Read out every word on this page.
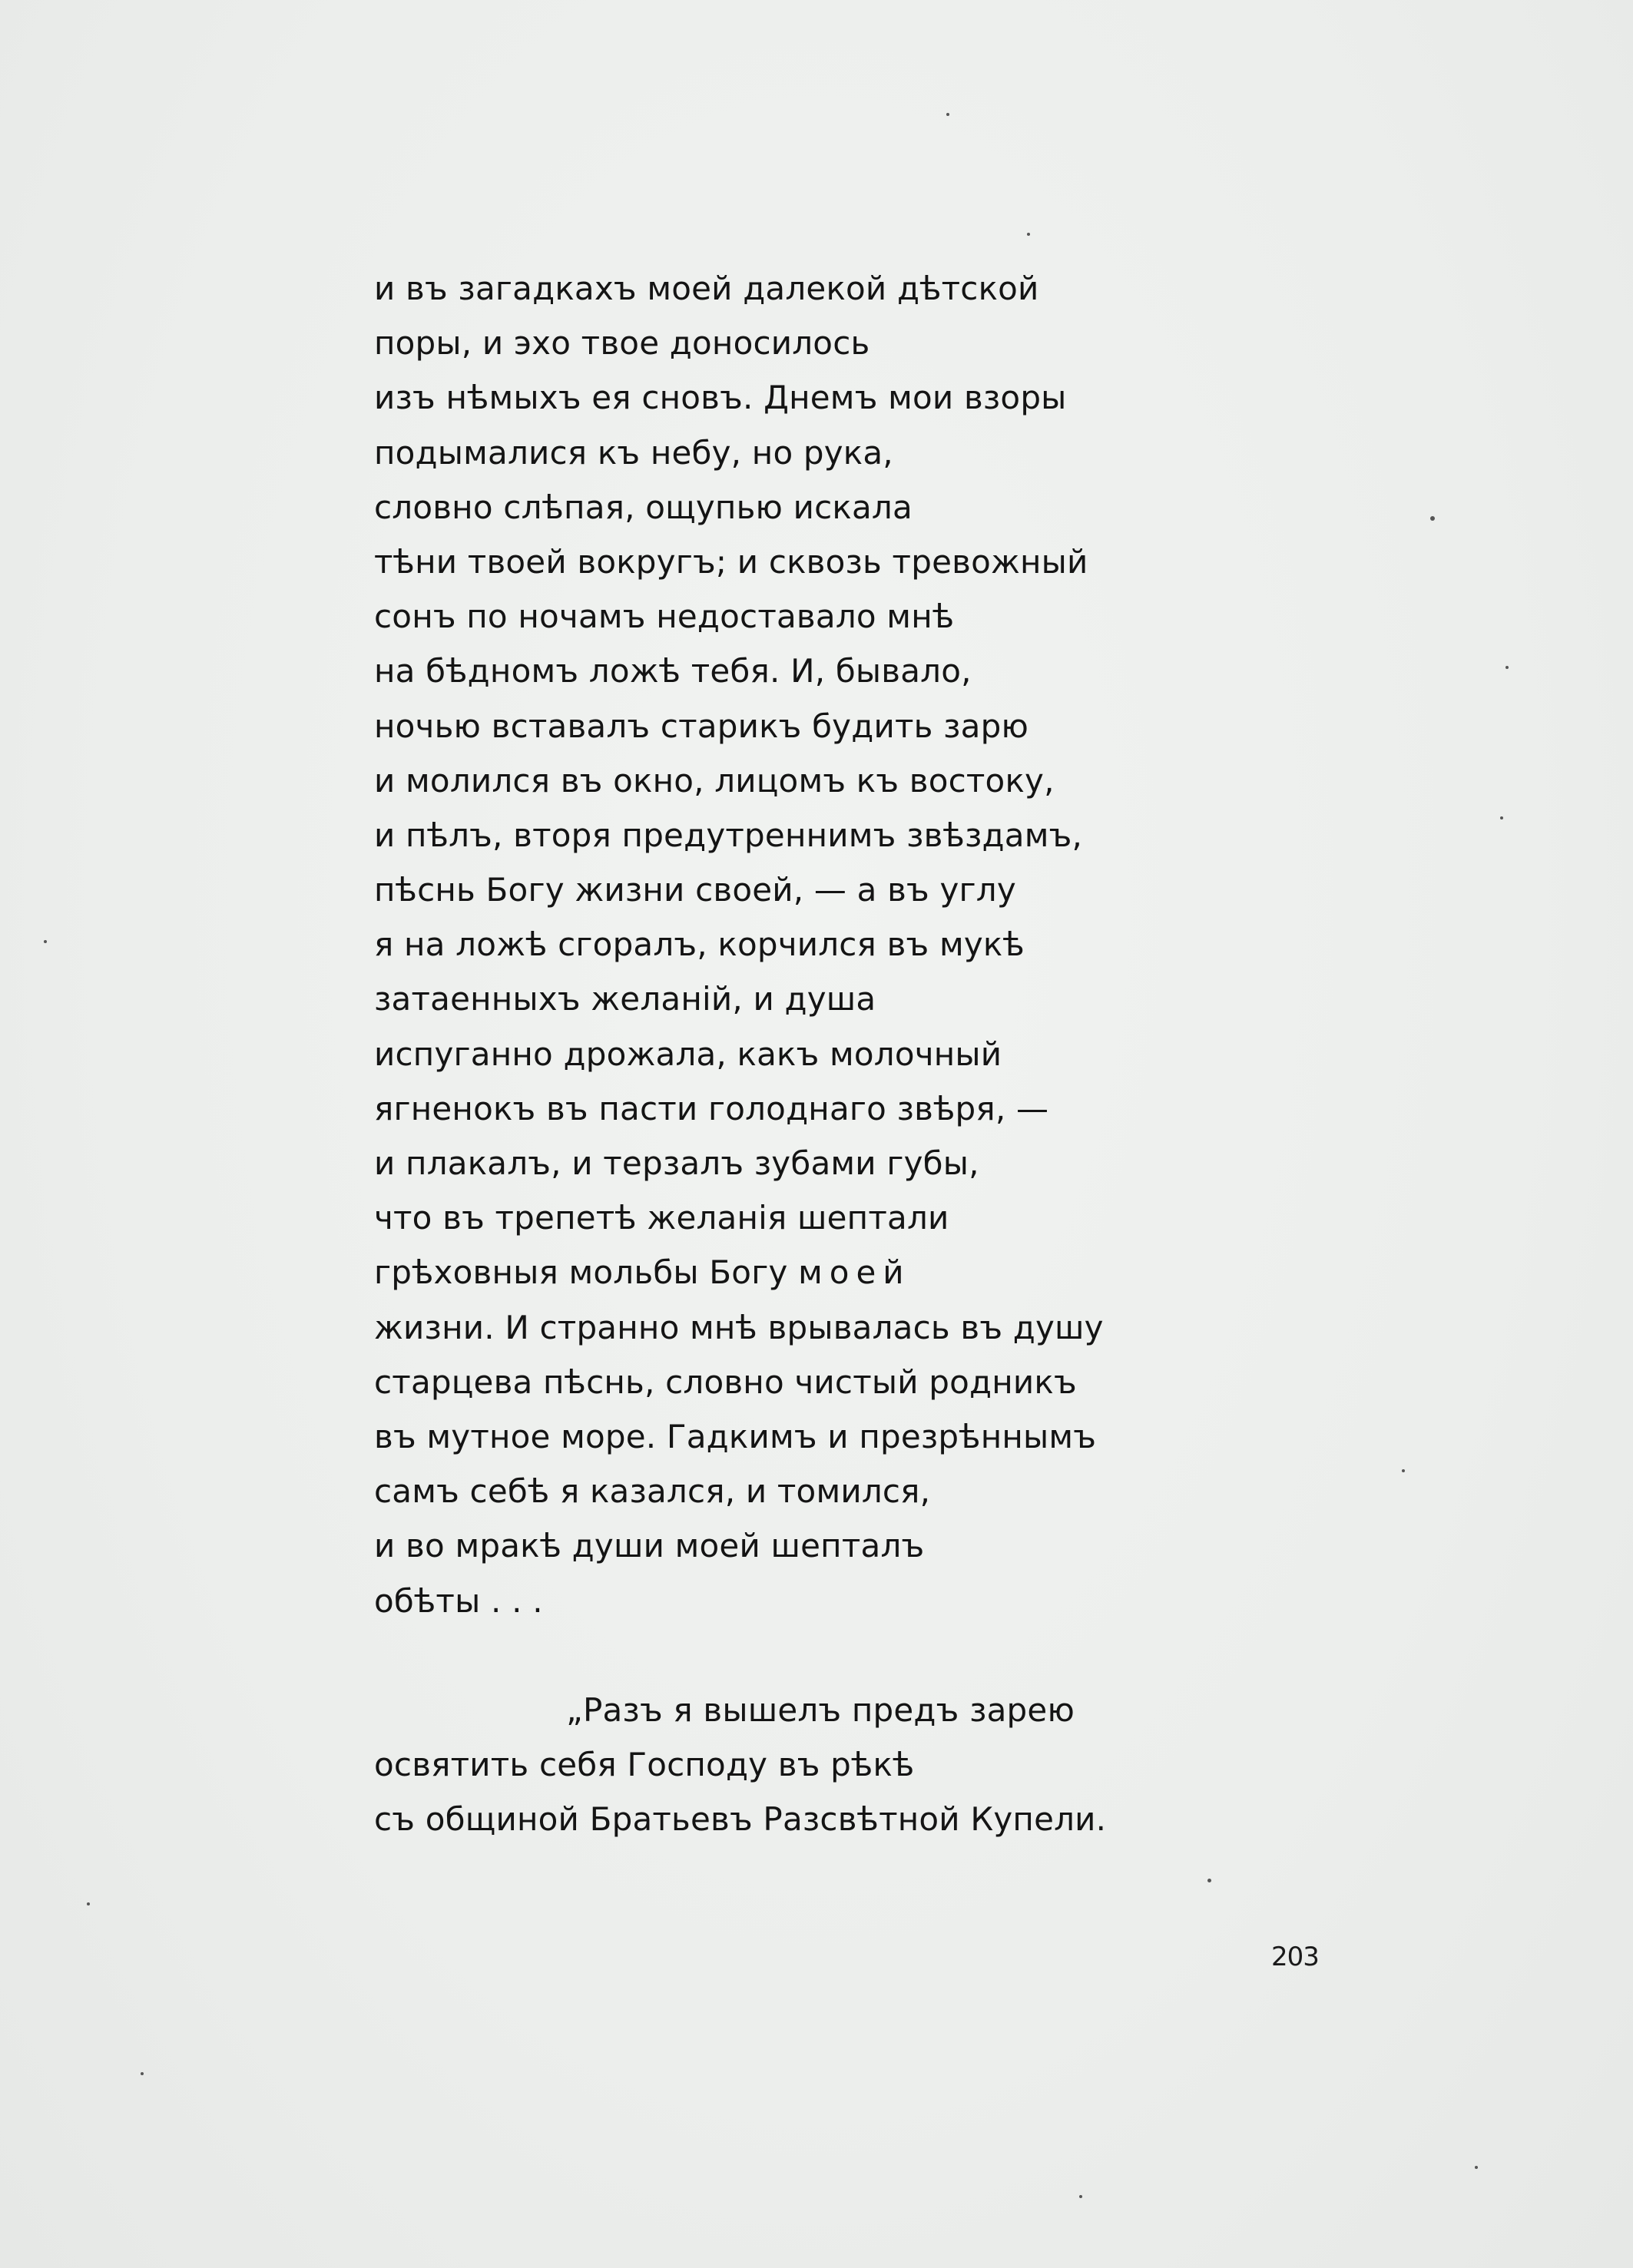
и въ загадкахъ моей далекой дѣтской
поры, и эхо твое доносилось
изъ нѣмыхъ ея сновъ. Днемъ мои взоры
подымалися къ небу, но рука,
словно слѣпая, ощупью искала
тѣни твоей вокругъ; и сквозь тревожный
сонъ по ночамъ недоставало мнѣ
на бѣдномъ ложѣ тебя. И, бывало,
ночью вставалъ старикъ будить зарю
и молился въ окно, лицомъ къ востоку,
и пѣлъ, вторя предутреннимъ звѣздамъ,
пѣснь Богу жизни своей, — а въ углу
я на ложѣ сгоралъ, корчился въ мукѣ
затаенныхъ желанiй, и душа
испуганно дрожала, какъ молочный
ягненокъ въ пасти голоднаго звѣря, —
и плакалъ, и терзалъ зубами губы,
что въ трепетѣ желанiя шептали
грѣховныя мольбы Богу моей
жизни. И странно мнѣ врывалась въ душу
старцева пѣснь, словно чистый родникъ
въ мутное море. Гадкимъ и презрѣннымъ
самъ себѣ я казался, и томился,
и во мракѣ души моей шепталъ
обѣты . . .
„Разъ я вышелъ предъ зарею
освятить себя Господу въ рѣкѣ
съ общиной Братьевъ Разсвѣтной Купели.
203
